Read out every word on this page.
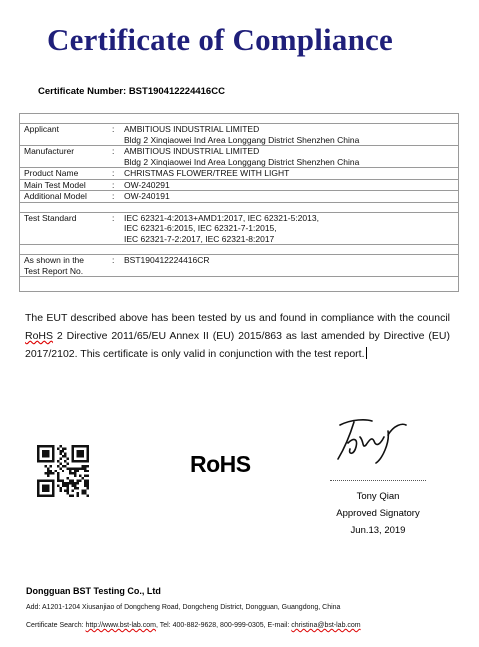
Certificate of Compliance
Certificate Number: BST190412224416CC

Applicant	:	AMBITIOUS INDUSTRIAL LIMITED
Bldg 2 Xinqiaowei Ind Area Longgang District Shenzhen China

Manufacturer	:	AMBITIOUS INDUSTRIAL LIMITED
Bldg 2 Xinqiaowei Ind Area Longgang District Shenzhen China

Product Name	:	CHRISTMAS FLOWER/TREE WITH LIGHT
Main Test Model	:	OW-240291
Additional Model	:	OW-240191

Test Standard	:	IEC 62321-4:2013+AMD1:2017, IEC 62321-5:2013,
IEC 62321-6:2015, IEC 62321-7-1:2015,
IEC 62321-7-2:2017, IEC 62321-8:2017

As shown in the
Test Report No.	:	BST190412224416CR

The EUT described above has been tested by us and found in compliance with the council RoHS 2 Directive 2011/65/EU Annex II (EU) 2015/863 as last amended by Directive (EU) 2017/2102. This certificate is only valid in conjunction with the test report.
RoHS
Tony Qian
Approved Signatory
Jun.13, 2019
Dongguan BST Testing Co., Ltd
Add: A1201-1204 Xiusanjiao of Dongcheng Road, Dongcheng District, Dongguan, Guangdong, China
Certificate Search: http://www.bst-lab.com, Tel: 400-882-9628, 800-999-0305, E-mail: christina@bst-lab.com
